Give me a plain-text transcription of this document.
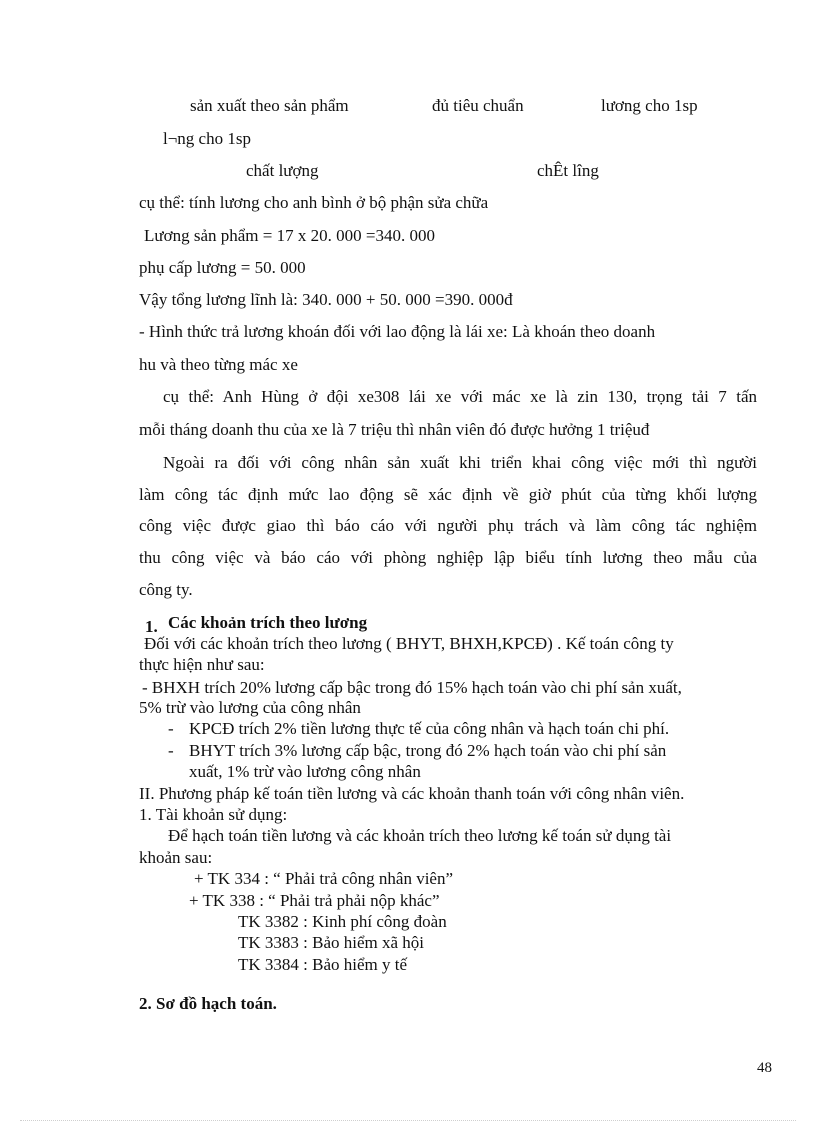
sản xuất theo sản phẩm	đủ tiêu chuẩn	lương cho 1sp
l¬ng cho 1sp
chất lượng	chÊt lîng
cụ thể: tính lương cho anh bình ở bộ phận sửa chữa
Lương sản phẩm = 17 x 20. 000 =340. 000
phụ cấp lương = 50. 000
Vậy tổng lương lĩnh là: 340. 000 + 50. 000 =390. 000đ
- Hình thức trả lương khoán đối với lao động là lái xe: Là khoán theo doanh
hu và theo từng mác xe
cụ thể: Anh Hùng ở đội xe308 lái xe với mác xe là zin 130, trọng tải 7 tấn
mỗi tháng doanh thu của xe là 7 triệu thì nhân viên đó được hưởng 1 triệuđ
Ngoài ra đối với công nhân sản xuất khi triển khai công việc mới thì người
làm công tác định mức lao động sẽ xác định về giờ phút của từng khối lượng
công việc được giao thì báo cáo với người phụ trách và làm công tác nghiệm
thu công việc và báo cáo với phòng nghiệp lập biểu tính lương theo mẫu của
công ty.
1. Các khoản trích theo lương
Đối với các khoản trích theo lương ( BHYT, BHXH,KPCĐ) . Kế toán công ty
thực hiện như sau:
- BHXH trích 20% lương cấp bậc trong đó 15% hạch toán vào chi phí sản xuất,
5% trừ vào lương của công nhân
- KPCĐ trích 2% tiền lương thực tế của công nhân và hạch toán chi phí.
- BHYT trích 3% lương cấp bậc, trong đó 2% hạch toán vào chi phí sản
xuất, 1% trừ vào lương công nhân
II. Phương pháp kế toán tiền lương và các khoản thanh toán với công nhân viên.
1. Tài khoản sử dụng:
Để hạch toán tiền lương và các khoản trích theo lương kế toán sử dụng tài
khoản sau:
+ TK 334 : “ Phải trả công nhân viên”
+ TK 338 : “ Phải trả phải nộp khác”
TK 3382 : Kinh phí công đoàn
TK 3383 : Bảo hiểm xã hội
TK 3384 : Bảo hiểm y tế
2. Sơ đồ hạch toán.
48
